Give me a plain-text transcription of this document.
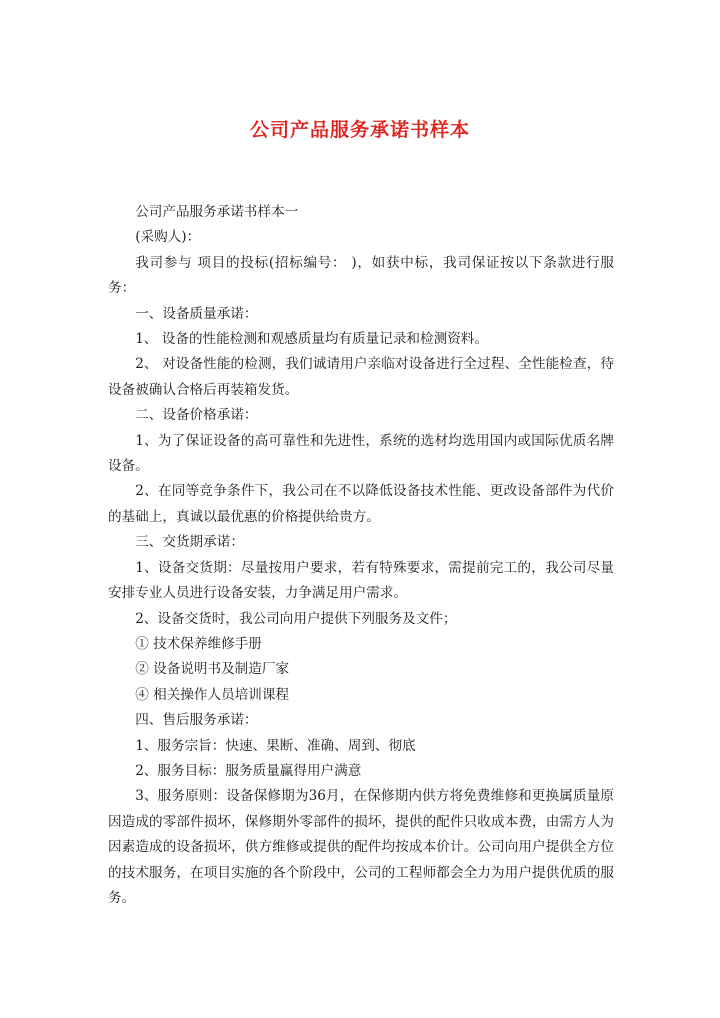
公司产品服务承诺书样本

公司产品服务承诺书样本一

(采购人)：

我司参与 项目的投标(招标编号： )，如获中标，我司保证按以下条款进行服务：

一、设备质量承诺：

1、 设备的性能检测和观感质量均有质量记录和检测资料。

2、 对设备性能的检测，我们诚请用户亲临对设备进行全过程、全性能检查，待设备被确认合格后再装箱发货。

二、设备价格承诺：

1、为了保证设备的高可靠性和先进性，系统的选材均选用国内或国际优质名牌设备。

2、在同等竞争条件下，我公司在不以降低设备技术性能、更改设备部件为代价的基础上，真诚以最优惠的价格提供给贵方。

三、交货期承诺：

1、设备交货期：尽量按用户要求，若有特殊要求，需提前完工的，我公司尽量安排专业人员进行设备安装，力争满足用户需求。

2、设备交货时，我公司向用户提供下列服务及文件；

① 技术保养维修手册

② 设备说明书及制造厂家

④ 相关操作人员培训课程

四、售后服务承诺：

1、服务宗旨：快速、果断、准确、周到、彻底

2、服务目标：服务质量赢得用户满意

3、服务原则：设备保修期为36月，在保修期内供方将免费维修和更换属质量原因造成的零部件损坏，保修期外零部件的损坏，提供的配件只收成本费，由需方人为因素造成的设备损坏，供方维修或提供的配件均按成本价计。公司向用户提供全方位的技术服务，在项目实施的各个阶段中，公司的工程师都会全力为用户提供优质的服务。
